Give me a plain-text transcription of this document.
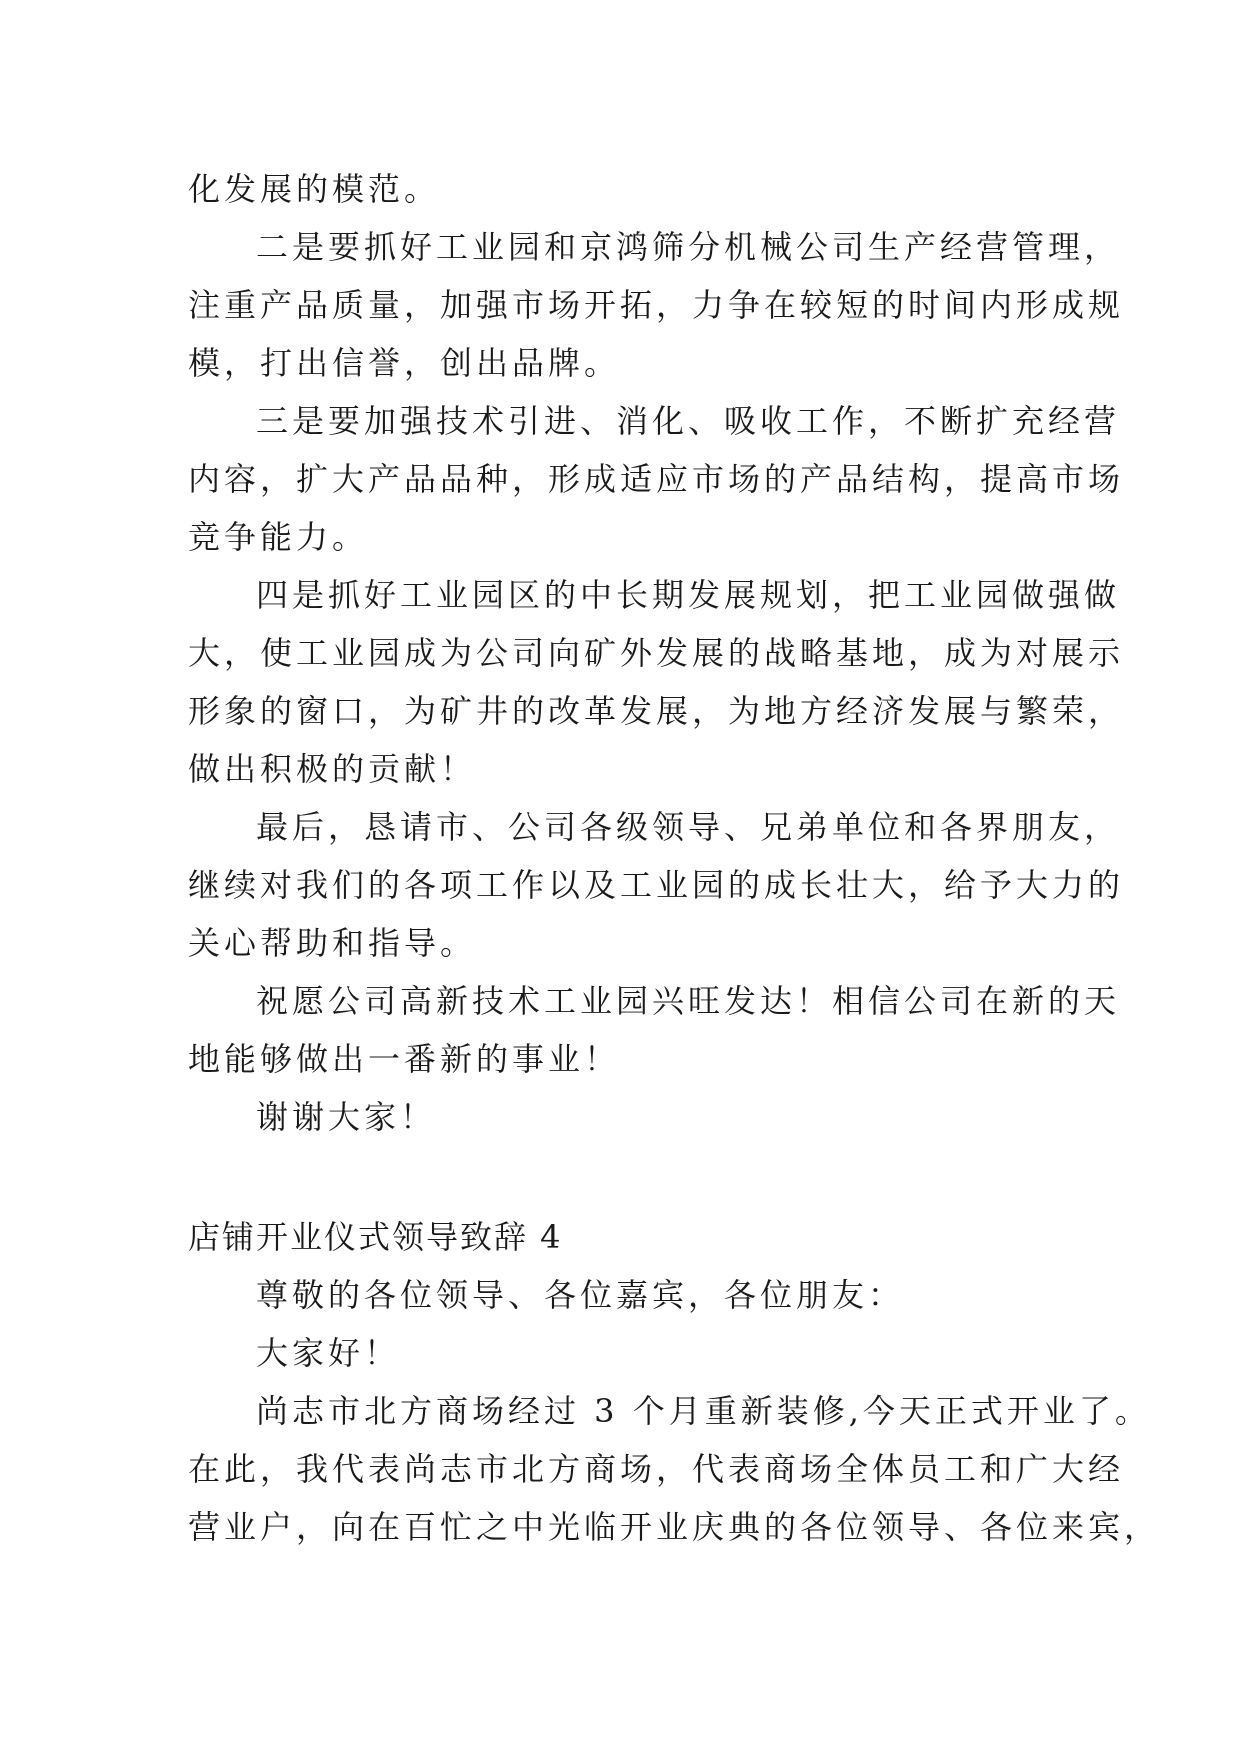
化发展的模范。
二是要抓好工业园和京鸿筛分机械公司生产经营管理，
注重产品质量，加强市场开拓，力争在较短的时间内形成规
模，打出信誉，创出品牌。
三是要加强技术引进、消化、吸收工作，不断扩充经营
内容，扩大产品品种，形成适应市场的产品结构，提高市场
竞争能力。
四是抓好工业园区的中长期发展规划，把工业园做强做
大，使工业园成为公司向矿外发展的战略基地，成为对展示
形象的窗口，为矿井的改革发展，为地方经济发展与繁荣，
做出积极的贡献！
最后，恳请市、公司各级领导、兄弟单位和各界朋友，
继续对我们的各项工作以及工业园的成长壮大，给予大力的
关心帮助和指导。
祝愿公司高新技术工业园兴旺发达！相信公司在新的天
地能够做出一番新的事业！
谢谢大家！
店铺开业仪式领导致辞 4
尊敬的各位领导、各位嘉宾，各位朋友：
大家好！
尚志市北方商场经过 3 个月重新装修,今天正式开业了。
在此，我代表尚志市北方商场，代表商场全体员工和广大经
营业户，向在百忙之中光临开业庆典的各位领导、各位来宾，
